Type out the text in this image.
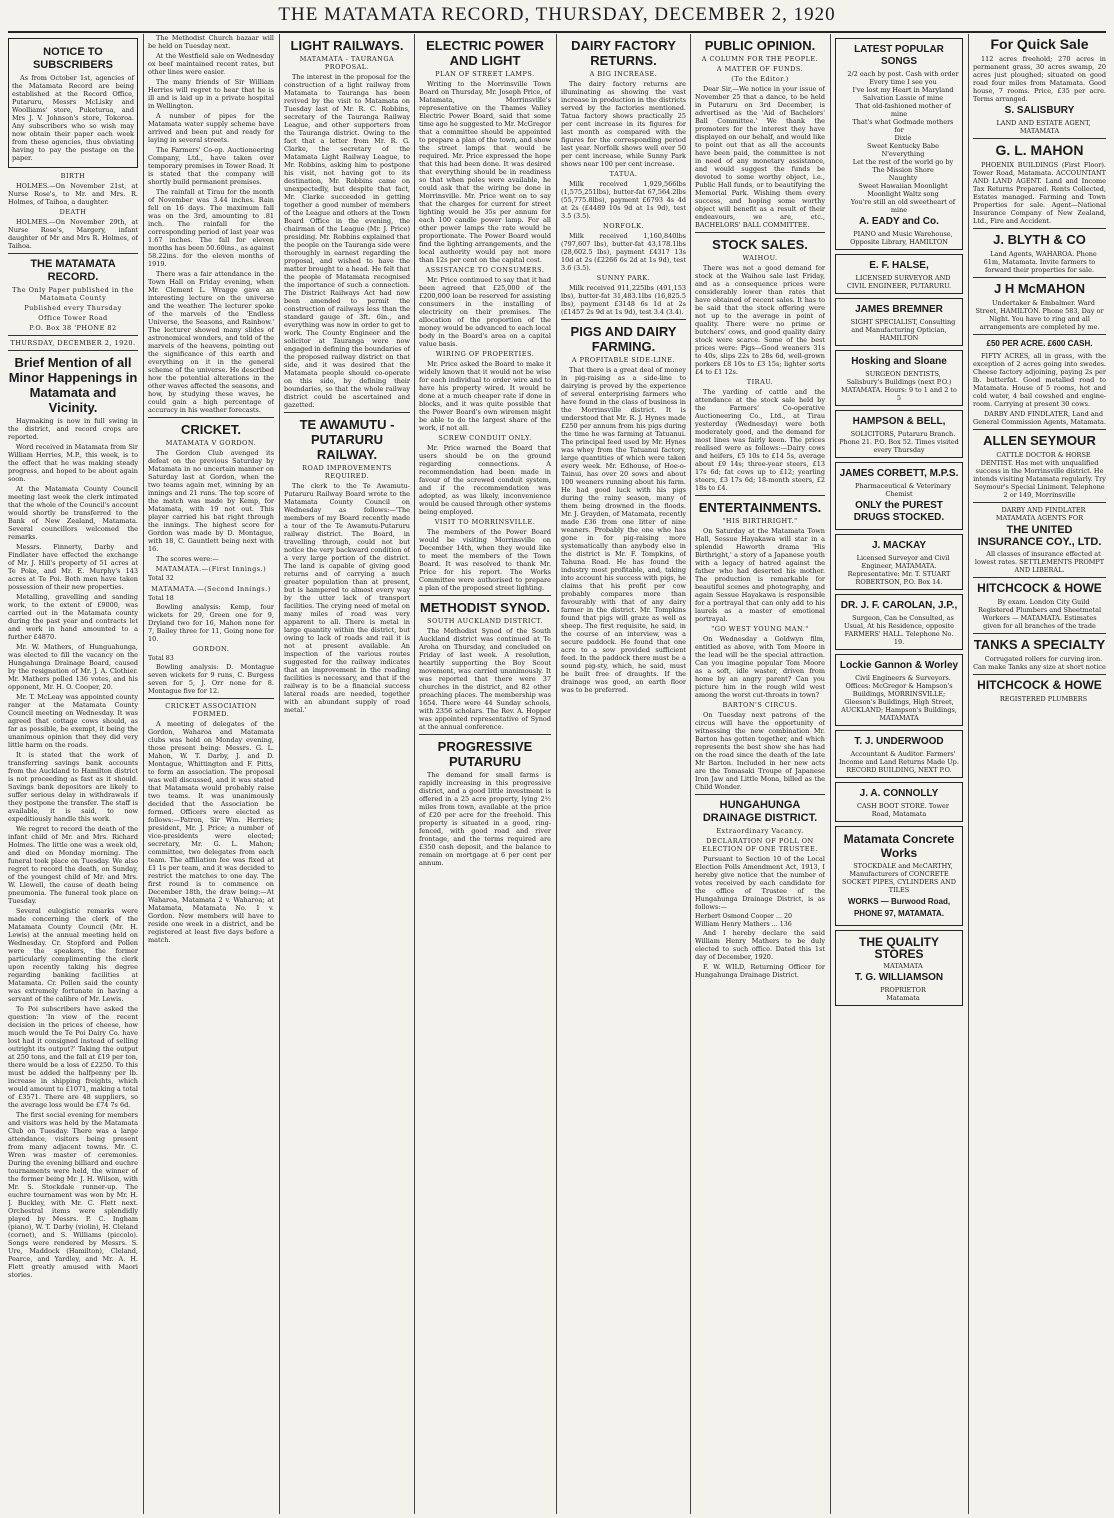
THE MATAMATA RECORD, THURSDAY, DECEMBER 2, 1920
NOTICE TO SUBSCRIBERS

As from October 1st, agencies of the Matamata Record are being established at the Record Office, Putaruru, Messrs McLisky and Woolliams' store, Puketurua, and Mrs J. V. Johnson's store, Tokoroa. Any subscribers who so wish may now obtain their paper each week from these agencies, thus obviating having to pay the postage on the paper.

BIRTH

HOLMES.—On November 21st, at Nurse Rose's, to Mr. and Mrs. R. Holmes, of Taihoa, a daughter.

DEATH

HOLMES.—On November 29th, at Nurse Rose's, Margery, infant daughter of Mr and Mrs R. Holmes, of Taihoa.

THE MATAMATA RECORD.
The Only Paper published in the Matamata County
Published every Thursday
Office Tower Road
P.O. Box 38 'PHONE 82
THURSDAY, DECEMBER 2, 1920.
Brief Mention of all Minor Happenings in Matamata and Vicinity.

Haymaking is now in full swing in the district, and record crops are reported.

Word received in Matamata from Sir William Herries, M.P., this week, is to the effect that he was making steady progress, and hoped to be about again soon.

At the Matamata County Council meeting last week the clerk intimated that the whole of the Council's account would shortly be transferred to the Bank of New Zealand, Matamata. Several councillors welcomed the remarks.

Messrs. Finnerty, Darby and Findlater have effected the exchange of Mr. J. Hill's property of 51 acres at Te Poke, and Mr. E. Murphy's 143 acres at Te Poi. Both men have taken possession of their new properties.

Metalling, gravelling and sanding work, to the extent of £9000, was carried out in the Matamata county during the past year and contracts let and work in hand amounted to a further £4870.

Mr. W. Mathers, of Hunguahunga, was elected to fill the vacancy on the Hungahunga Drainage Board, caused by the resignation of Mr. J. A. Clothier. Mr. Mathers polled 136 votes, and his opponent, Mr. H. O. Cooper, 20.

Mr. T. McLeay was appointed county ranger at the Matamata County Council meeting on Wednesday. It was agreed that cottage cows should, as far as possible, be exempt, it being the unanimous opinion that they did very little harm on the roads.

It is stated that the work of transferring savings bank accounts from the Auckland to Hamilton district is not proceeding as fast as it should. Savings bank depositors are likely to suffer serious delay in withdrawals if they postpone the transfer. The staff is available, it is said, to now expeditiously handle this work.

We regret to record the death of the infant child of Mr. and Mrs. Richard Holmes. The little one was a week old, and died on Monday morning. The funeral took place on Tuesday. We also regret to record the death, on Sunday, of the youngest child of Mr. and Mrs. W. Llewell, the cause of death being pneumonia. The funeral took place on Tuesday.

Several eulogistic remarks were made concerning the clerk of the Matamata County Council (Mr. H. Lewis) at the annual meeting held on Wednesday. Cr. Stopford and Pollen were the speakers, the former particularly complimenting the clerk upon recently taking his degree regarding banking facilities at Matamata. Cr. Pollen said the county was extremely fortunate in having a servant of the calibre of Mr. Lewis.

To Poi subscribers have asked the question: 'In view of the recent decision in the prices of cheese, how much would the Te Poi Dairy Co. have lost had it consigned instead of selling outright its output?' Taking the output at 250 tons, and the fall at £19 per ton, there would be a loss of £2250. To this must be added the halfpenny per lb. increase in shipping freights, which would amount to £1071, making a total of £3571. There are 48 suppliers, so the average loss would be £74 7s 6d.

The first social evening for members and visitors was held by the Matamata Club on Tuesday. There was a large attendance, visitors being present from many adjacent towns. Mr. C. Wren was master of ceremonies. During the evening billiard and euchre tournaments were held, the winner of the former being Mr. J. H. Wilson, with Mr. S. Stockdale runner-up. The euchre tournament was won by Mr. H. J. Buckley, with Mr. C. Flett next. Orchestral items were splendidly played by Messrs. P. C. Ingham (piano), W. T. Darby (violin), H. Cleland (cornet), and S. Williams (piccolo). Songs were rendered by Messrs. S. Ure, Maddock (Hamilton), Cleland, Pearce, and Yardley, and Mr. A. H. Flett greatly amused with Maori stories.

The Methodist Church bazaar will be held on Tuesday next.

At the Westfield sale on Wednesday ox beef maintained recent rates, but other lines were easier.

The many friends of Sir William Herries will regret to hear that he is ill and is laid up in a private hospital in Wellington.

A number of pipes for the Matamata water supply scheme have arrived and been put and ready for laying in several streets.

The Farmers' Co-op. Auctioneering Company, Ltd., have taken over temporary premises in Tower Road. It is stated that the company will shortly build permanent premises.

The rainfall at Tirau for the month of November was 3.44 inches. Rain fell on 16 days. The maximum fall was on the 3rd, amounting to .81 inch. The rainfall for the corresponding period of last year was 1.67 inches. The fall for eleven months has been 50.60ins., as against 58.22ins. for the eleven months of 1919.

There was a fair attendance in the Town Hall on Friday evening, when Mr. Clement L. Wragge gave an interesting lecture on the universe and the weather. The lecturer spoke of the marvels of the 'Endless Universe, the Seasons, and Rainbow.' The lecturer showed many slides of astronomical wonders, and told of the marvels of the heavens, pointing out the significance of this earth and everything on it in the general scheme of the universe. He described how the potential alterations in the other waves affected the seasons, and how, by studying these waves, he could gain a high percentage of accuracy in his weather forecasts.

CRICKET.
MATAMATA V GORDON.

The Gordon Club avenged its defeat on the previous Saturday by Matamata in no uncertain manner on Saturday last at Gordon, when the two teams again met, winning by an innings and 21 runs. The top score of the match was made by Kemp, for Matamata, with 19 not out. This player carried his bat right through the innings. The highest score for Gordon was made by D. Montague, with 18, C. Gauntlett being next with 16.

The scores were:—

MATAMATA.—(First Innings.)

Total 32

MATAMATA.—(Second Innings.)

Total 18

Bowling analysis: Kemp, four wickets for 29, Green one for 9, Dryland two for 16, Mahon none for 7, Bailey three for 11, Going none for 10.

GORDON.

Total 83

Bowling analysis: D. Montague seven wickets for 9 runs, C. Burgess seven for 5, J. Orr none for 8. Montague five for 12.

CRICKET ASSOCIATION FORMED.

A meeting of delegates of the Gordon, Waharoa and Matamata clubs was held on Monday evening, those present being: Messrs. G. L. Mahon, W. T. Darby, J. and D. Montague, Whittington and F. Pitts, to form an association. The proposal was well discussed, and it was stated that Matamata would probably raise two teams. It was unanimously decided that the Association be formed. Officers were elected as follows:—Patron, Sir Wm. Herries; president, Mr. J. Price; a number of vice-presidents were elected; secretary, Mr. G. L. Mahon; committee, two delegates from each team. The affiliation fee was fixed at £1 1s per team, and it was decided to restrict the matches to one day. The first round is to commence on December 18th, the draw being:—At Waharoa, Matamata 2 v. Waharoa; at Matamata, Matamata No. 1 v. Gordon. New members will have to reside one week in a district, and be registered at least five days before a match.

LIGHT RAILWAYS.
MATAMATA - TAURANGA PROPOSAL.

The interest in the proposal for the construction of a light railway from Matamata to Tauranga has been revived by the visit to Matamata on Tuesday last of Mr. R. C. Robbins, secretary of the Tauranga Railway League, and other supporters from the Tauranga district. Owing to the fact that a letter from Mr. R. G. Clarke, the secretary of the Matamata Light Railway League, to Mr. Robbins, asking him to postpone his visit, not having got to its destination, Mr. Robbins came on unexpectedly, but despite that fact, Mr. Clarke succeeded in getting together a good number of members of the League and others at the Town Board Office in the evening, the chairman of the League (Mr. J. Price) presiding. Mr. Robbins explained that the people on the Tauranga side were thoroughly in earnest regarding the proposal, and wished to have the matter brought to a head. He felt that the people of Matamata recognised the importance of such a connection. The District Railways Act had now been amended to permit the construction of railways less than the standard gauge of 3ft. 6in., and everything was now in order to get to work. The County Engineer and the solicitor at Tauranga were now engaged in defining the boundaries of the proposed railway district on that side, and it was desired that the Matamata people should co-operate on this side, by defining their boundaries, so that the whole railway district could be ascertained and gazetted.

TE AWAMUTU - PUTARURU RAILWAY.
ROAD IMPROVEMENTS REQUIRED.

The clerk to the Te Awamutu-Putaruru Railway Board wrote to the Matamata County Council on Wednesday as follows:—'The members of my Board recently made a tour of the Te Awamutu-Putaruru railway district. The Board, in travelling through, could not but notice the very backward condition of a very large portion of the district. The land is capable of giving good returns and of carrying a much greater population than at present, but is hampered to almost every way by the utter lack of transport facilities. The crying need of metal on many miles of road was very apparent to all. There is metal in large quantity within the district, but owing to lack of roads and rail it is not at present available. An inspection of the various routes suggested for the railway indicates that an improvement in the roading facilities is necessary, and that if the railway is to be a financial success lateral roads are needed, together with an abundant supply of road metal.'

ELECTRIC POWER AND LIGHT
PLAN OF STREET LAMPS.

Writing to the Morrinsville Town Board on Thursday, Mr. Joseph Price, of Matamata, Morrinsville's representative on the Thames Valley Electric Power Board, said that some time ago he suggested to Mr. McGregor that a committee should be appointed to prepare a plan of the town, and show the street lamps that would be required. Mr. Price expressed the hope that this had been done. It was desired that everything should be in readiness so that when poles were available, he could ask that the wiring be done in Morrinsville. Mr. Price went on to say that the charges for current for street lighting would be 35s per annum for each 100 candle power lamp. For all other power lamps the rate would be proportionate. The Power Board would find the lighting arrangements, and the local authority would pay not more than 12s per cent on the capital cost.

ASSISTANCE TO CONSUMERS.

Mr. Price continued to say that it had been agreed that £25,000 of the £200,000 loan be reserved for assisting consumers in the installing of electricity on their premises. The allocation of the proportion of the money would be advanced to each local body in the Board's area on a capital value basis.

WIRING OF PROPERTIES.

Mr. Price asked the Board to make it widely known that it would not be wise for each individual to order wire and to have his property wired. It would be done at a much cheaper rate if done in blocks, and it was quite possible that the Power Board's own wiremen might be able to do the largest share of the work, if not all.

SCREW CONDUIT ONLY.

Mr. Price warned the Board that users should be on the ground regarding connections. A recommendation had been made in favour of the screwed conduit system, and if the recommendation was adopted, as was likely, inconvenience would be caused through other systems being employed.

VISIT TO MORRINSVILLE.

The members of the Power Board would be visiting Morrinsville on December 14th, when they would like to meet the members of the Town Board. It was resolved to thank Mr. Price for his report. The Works Committee were authorised to prepare a plan of the proposed street lighting.

METHODIST SYNOD.
SOUTH AUCKLAND DISTRICT.

The Methodist Synod of the South Auckland district was continued at Te Aroha on Thursday, and concluded on Friday of last week. A resolution, heartily supporting the Boy Scout movement, was carried unanimously. It was reported that there were 37 churches in the district, and 82 other preaching places. The membership was 1654. There were 44 Sunday schools, with 2356 scholars. The Rev. A. Hopper was appointed representative of Synod at the annual conference.

PROGRESSIVE PUTARURU

The demand for small farms is rapidly increasing in this progressive district, and a good little investment is offered in a 25 acre property, lying 2½ miles from town, available at the price of £20 per acre for the freehold. This property is situated in a good, ring-fenced, with good road and river frontage, and the terms required are £350 cash deposit, and the balance to remain on mortgage at 6 per cent per annum.

DAIRY FACTORY RETURNS.
A BIG INCREASE.

The dairy factory returns are illuminating as showing the vast increase in production in the districts served by the factories mentioned. Tatua factory shows practically 25 per cent increase in its figures for last month as compared with the figures for the corresponding period last year. Norfolk shows well over 50 per cent increase, while Sunny Park shows near 100 per cent increase.

TATUA.

Milk received 1,929,566lbs (1,575,251lbs), butter-fat 67,564.2lbs (55,775.8lbs), payment £6793 4s 4d at 2s (£4489 10s 9d at 1s 9d), test 3.5 (3.5).

NORFOLK.

Milk received 1,160,840lbs (797,607 lbs), butter-fat 43,178.1lbs (28,602.5 lbs), payment £4317 13s 10d at 2s (£2266 6s 2d at 1s 9d), test 3.6 (3.5).

SUNNY PARK.

Milk received 911,225lbs (491,153 lbs), butter-fat 31,483.1lbs (16,825.5 lbs), payment £3148 6s 1d at 2s (£1457 2s 9d at 1s 9d), test 3.4 (3.4).

PIGS AND DAIRY FARMING.
A PROFITABLE SIDE-LINE.

That there is a great deal of money in pig-raising as a side-line to dairying is proved by the experience of several enterprising farmers who have found in the class of business in the Morrinsville district. It is understood that Mr. R. J. Hynes made £250 per annum from his pigs during the time he was farming at Tatuanui. The principal feed used by Mr. Hynes was whey from the Tatuanui factory, large quantities of which were taken every week. Mr. Edhouse, of Hoe-o-Tainui, has over 20 sows and about 100 weaners running about his farm. He had good luck with his pigs during the rainy season, many of them being drowned in the floods. Mr. J. Grayden, of Matamata, recently made £36 from one litter of nine weaners. Probably the one who has gone in for pig-raising more systematically than anybody else in the district is Mr. F. Tompkins, of Tahuna Road. He has found the industry most profitable, and, taking into account his success with pigs, he claims that his profit per cow probably compares more than favourably with that of any dairy farmer in the district. Mr. Tompkins found that pigs will graze as well as sheep. The first requisite, he said, in the course of an interview, was a secure paddock. He found that one acre to a sow provided sufficient feed. In the paddock there must be a sound pig-sty, which, he said, must be built free of draughts. If the drainage was good, an earth floor was to be preferred.

PUBLIC OPINION.
A COLUMN FOR THE PEOPLE.
A MATTER OF FUNDS.
(To the Editor.)

Dear Sir,—We notice in your issue of November 25 that a dance, to be held in Putaruru on 3rd December, is advertised as the 'Aid of Bachelors' Ball Committee.' We thank the promoters for the interest they have displayed on our behalf, and would like to point out that as all the accounts have been paid, the committee is not in need of any monetary assistance, and would suggest the funds be devoted to some worthy object, i.e., Public Hall funds, or to beautifying the Memorial Park. Wishing them every success, and hoping some worthy object will benefit as a result of their endeavours, we are, etc., BACHELORS' BALL COMMITTEE.

STOCK SALES.
WAIHOU.

There was not a good demand for stock at the Waihou sale last Friday, and as a consequence prices were considerably lower than rates that have obtained of recent sales. It has to be said that the stock offering were not up to the average in point of quality. There were no prime or butchers' cows, and good quality dairy stock were scarce. Some of the best prices were: Pigs—Good weaners 31s to 40s, slips 22s to 28s 6d, well-grown porkers £8 10s to £3 15s; lighter sorts £4 to £1 12s.

TIRAU.

The yarding of cattle and the attendance at the stock sale held by the Farmers' Co-operative Auctioneering Co., Ltd., at Tirau yesterday (Wednesday) were both moderately good, and the demand for most lines was fairly keen. The prices realised were as follows:—Dairy cows and heifers, £5 10s to £14 5s, average about £9 14s; three-year steers, £13 17s 6d; fat cows up to £12; yearling steers, £3 17s 6d; 18-month steers, £2 18s to £4.

ENTERTAINMENTS.
"HIS BIRTHRIGHT."

On Saturday at the Matamata Town Hall, Sessue Hayakawa will star in a splendid Haworth drama 'His Birthright,' a story of a Japanese youth with a legacy of hatred against the father who had deserted his mother. The production is remarkable for beautiful scenes and photography, and again Sessue Hayakawa is responsible for a portrayal that can only add to his laurels as a master of emotional portrayal.

"GO WEST YOUNG MAN."

On Wednesday a Goldwyn film, entitled as above, with Tom Moore in the lead will be the special attraction. Can you imagine popular Tom Moore as a soft, idle waster, driven from home by an angry parent? Can you picture him in the rough wild west among the worst cut-throats in town?

BARTON'S CIRCUS.

On Tuesday next patrons of the circus will have the opportunity of witnessing the new combination Mr. Barton has gotten together, and which represents the best show she has had on the road since the death of the late Mr Barton. Included in her new acts are the Tomasaki Troupe of Japanese Iron Jaw and Little Mona, billed as the Child Wonder.

HUNGAHUNGA DRAINAGE DISTRICT.
Extraordinary Vacancy.
DECLARATION OF POLL ON ELECTION OF ONE TRUSTEE.

Pursuant to Section 10 of the Local Election Polls Amendment Act, 1913, I hereby give notice that the number of votes received by each candidate for the office of Trustee of the Hungahunga Drainage District, is as follows:—

Herbert Osmond Cooper ... 20

William Henry Mathers ... 136

And I hereby declare the said William Henry Mathers to be duly elected to such office. Dated this 1st day of December, 1920.

F. W. WILD, Returning Officer for Hungahunga Drainage District.

LATEST POPULAR SONGS

2/2 each by post. Cash with order

Every time I see you

I've lost my Heart in Maryland

Salvation Lassie of mine

That old-fashioned mother of mine

That's what Godmade mothers for

Dixie

Sweet Kentucky Babe

N'everything

Let the rest of the world go by

The Mission Shore

Naughty

Sweet Hawaiian Moonlight

Moonlight Waltz song

You're still an old sweetheart of mine

A. EADY and Co.

PIANO and Music Warehouse, Opposite Library, HAMILTON

E. F. HALSE,

LICENSED SURVEYOR AND CIVIL ENGINEER, PUTARURU.

JAMES BREMNER

SIGHT SPECIALIST, Consulting and Manufacturing Optician, HAMILTON

Hosking and Sloane

SURGEON DENTISTS, Salisbury's Buildings (next P.O.) MATAMATA. Hours: 9 to 1 and 2 to 5

HAMPSON & BELL,

SOLICITORS, Putaruru Branch. Phone 21. P.O. Box 52. Times visited every Thursday

JAMES CORBETT, M.P.S.

Pharmaceutical & Veterinary Chemist

ONLY the PUREST DRUGS STOCKED.
J. MACKAY

Licensed Surveyor and Civil Engineer, MATAMATA. Representative: Mr. T. STUART ROBERTSON, P.O. Box 14.

DR. J. F. CAROLAN, J.P.,

Surgeon, Can be Consulted, as Usual, At his Residence, opposite FARMERS' HALL. Telephone No. 19.

Lockie Gannon & Worley

Civil Engineers & Surveyors. Offices: McGregor & Hampson's Buildings, MORRINSVILLE; Gleeson's Buildings, High Street, AUCKLAND; Hampson's Buildings, MATAMATA

T. J. UNDERWOOD

Accountant & Auditor. Farmers' Income and Land Returns Made Up. RECORD BUILDING, NEXT P.O.

J. A. CONNOLLY

CASH BOOT STORE. Tower Road, Matamata

Matamata Concrete Works

STOCKDALE and McCARTHY, Manufacturers of CONCRETE SOCKET PIPES, CYLINDERS AND TILES

WORKS — Burwood Road, PHONE 97, MATAMATA.
THE QUALITY STORES

MATAMATA

T. G. WILLIAMSON

PROPRIETOR

Matamata

For Quick Sale

112 acres freehold; 270 acres in permanent grass, 30 acres swamp, 20 acres just ploughed; situated on good road four miles from Matamata. Good house, 7 rooms. Price, £35 per acre. Terms arranged.

S. SALISBURY

LAND AND ESTATE AGENT, MATAMATA

G. L. MAHON

PHOENIX BUILDINGS (First Floor). Tower Road, Matamata. ACCOUNTANT AND LAND AGENT. Land and Income Tax Returns Prepared. Rents Collected, Estates managed. Farming and Town Properties for sale. Agent—National Insurance Company of New Zealand, Ltd., Fire and Accident.

J. BLYTH & CO

Land Agents, WAHAROA. Phone 61m, Matamata. Invite farmers to forward their properties for sale.

J H McMAHON

Undertaker & Embalmer. Ward Street, HAMILTON. Phone 583, Day or Night. You have to ring and all arrangements are completed by me.

£50 PER ACRE. £600 CASH.

FIFTY ACRES, all in grass, with the exception of 2 acres going into swedes. Cheese factory adjoining, paying 2s per lb. butterfat. Good metalled road to Matamata. House of 5 rooms, hot and cold water, 4 bail cowshed and engine-room. Carrying at present 30 cows.

DARBY AND FINDLATER, Land and General Commission Agents, Matamata.

ALLEN SEYMOUR

CATTLE DOCTOR & HORSE DENTIST. Has met with unqualified success in the Morrinsville district. He intends visiting Matamata regularly. Try Seymour's Special Liniment. Telephone 2 or 149, Morrinsville

DARBY AND FINDLATER MATAMATA AGENTS FOR

THE UNITED INSURANCE COY., LTD.

All classes of insurance effected at lowest rates. SETTLEMENTS PROMPT AND LIBERAL.

HITCHCOCK & HOWE

By exam. London City Guild Registered Plumbers and Sheetmetal Workers — MATAMATA. Estimates given for all branches of the trade

TANKS A SPECIALTY

Corrugated rollers for curving iron. Can make Tanks any size at short notice

HITCHCOCK & HOWE

REGISTERED PLUMBERS
